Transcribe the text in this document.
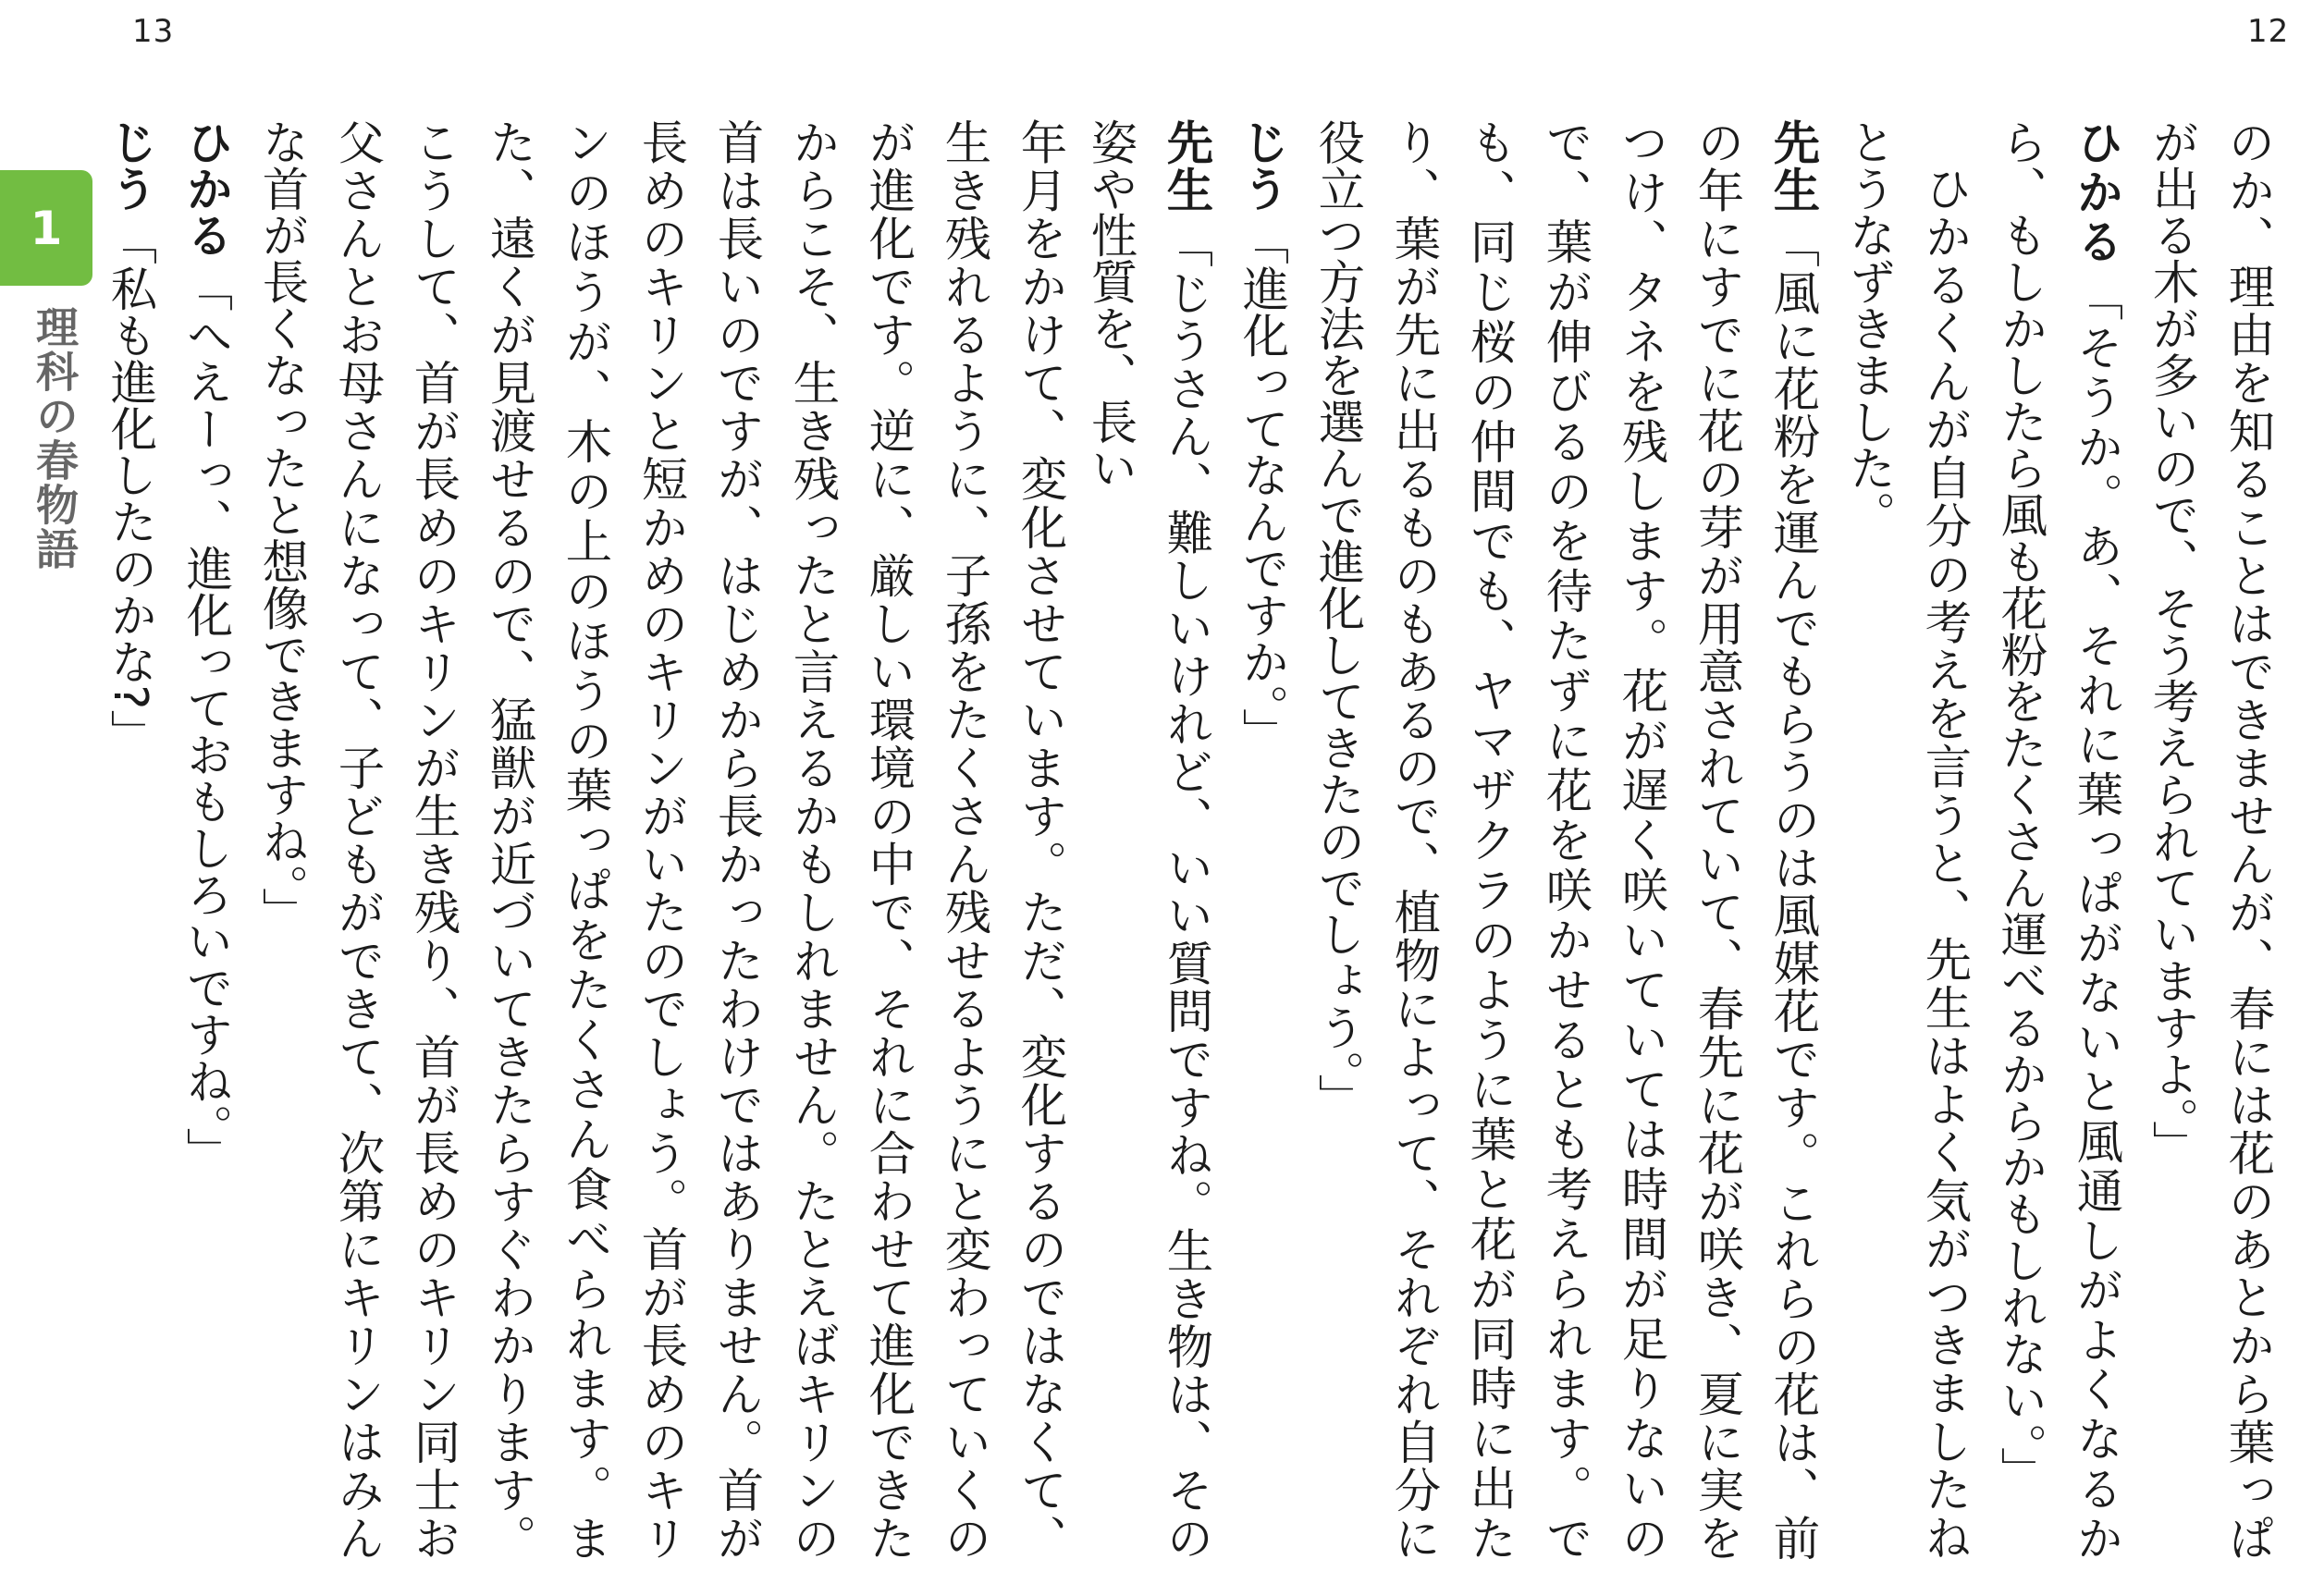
13	12
1
理科の春物語	のか、理由を知ることはできませんが、春には花のあとから葉っぱが出る木が多いので、そう考えられていますよ。」

ひかる「そうか。あ、それに葉っぱがないと風通しがよくなるから、もしかしたら風も花粉をたくさん運べるからかもしれない。」

ひかるくんが自分の考えを言うと、先生はよく気がつきましたねとうなずきました。

先生「風に花粉を運んでもらうのは風媒花です。これらの花は、前の年にすでに花の芽が用意されていて、春先に花が咲き、夏に実をつけ、タネを残します。花が遅く咲いていては時間が足りないので、葉が伸びるのを待たずに花を咲かせるとも考えられます。でも、同じ桜の仲間でも、ヤマザクラのように葉と花が同時に出たり、葉が先に出るものもあるので、植物によって、それぞれ自分に役立つ方法を選んで進化してきたのでしょう。」

じう「進化ってなんですか。」

先生「じうさん、難しいけれど、いい質問ですね。生き物は、その姿や性質を、長い

年月をかけて、変化させています。ただ、変化するのではなくて、生き残れるように、子孫をたくさん残せるようにと変わっていくのが進化です。逆に、厳しい環境の中で、それに合わせて進化できたからこそ、生き残ったと言えるかもしれません。たとえばキリンの首は長いのですが、はじめから長かったわけではありません。首が長めのキリンと短かめのキリンがいたのでしょう。首が長めのキリンのほうが、木の上のほうの葉っぱをたくさん食べられます。また、遠くが見渡せるので、猛獣が近づいてきたらすぐわかります。こうして、首が長めのキリンが生き残り、首が長めのキリン同士お父さんとお母さんになって、子どもができて、次第にキリンはみんな首が長くなったと想像できますね。」

ひかる「へえーっ、進化っておもしろいですね。」

じう「私も進化したのかな?」
